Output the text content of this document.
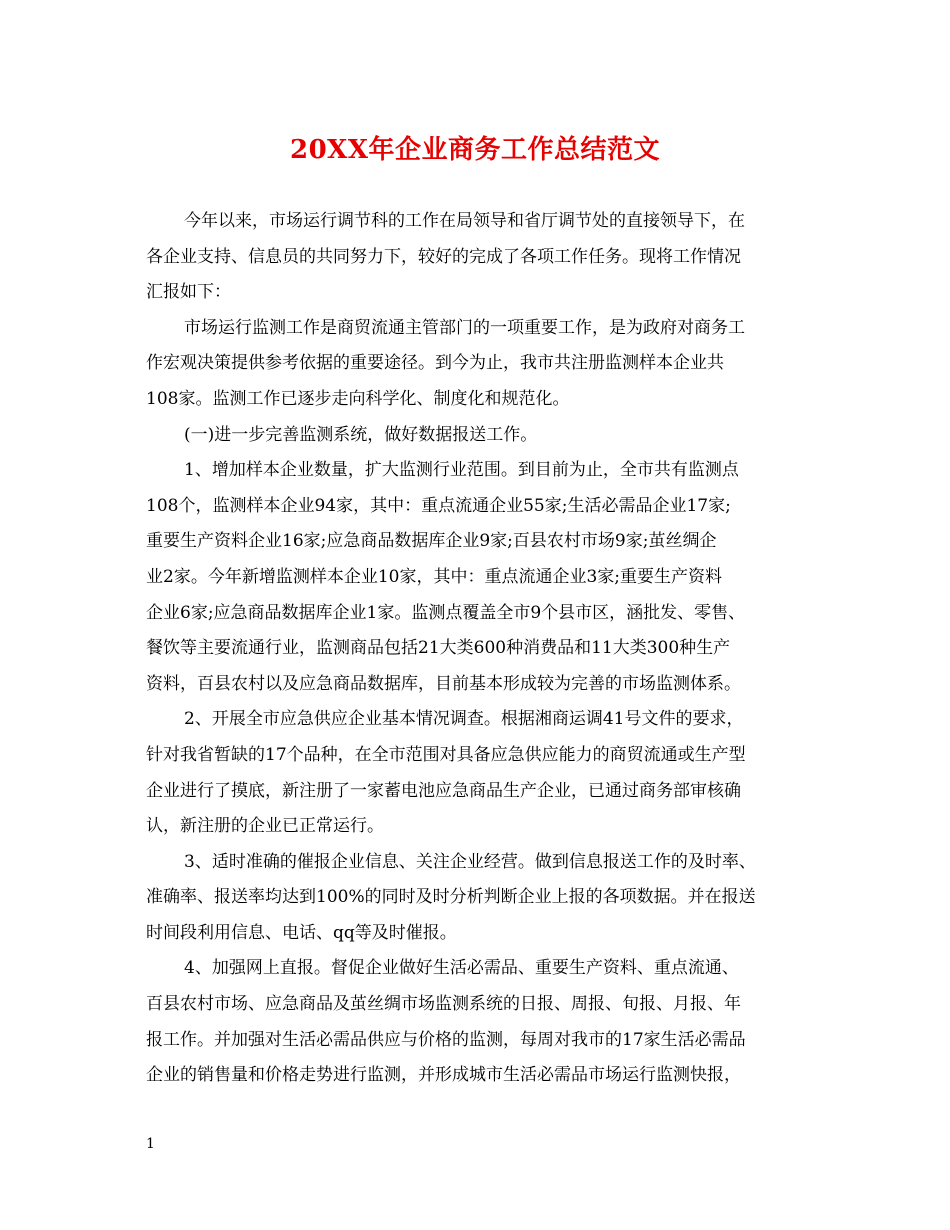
20XX年企业商务工作总结范文
今年以来，市场运行调节科的工作在局领导和省厅调节处的直接领导下，在
各企业支持、信息员的共同努力下，较好的完成了各项工作任务。现将工作情况
汇报如下：
市场运行监测工作是商贸流通主管部门的一项重要工作，是为政府对商务工
作宏观决策提供参考依据的重要途径。到今为止，我市共注册监测样本企业共
108家。监测工作已逐步走向科学化、制度化和规范化。
(一)进一步完善监测系统，做好数据报送工作。
1、增加样本企业数量，扩大监测行业范围。到目前为止，全市共有监测点
108个，监测样本企业94家，其中：重点流通企业55家;生活必需品企业17家;
重要生产资料企业16家;应急商品数据库企业9家;百县农村市场9家;茧丝绸企
业2家。今年新增监测样本企业10家，其中：重点流通企业3家;重要生产资料
企业6家;应急商品数据库企业1家。监测点覆盖全市9个县市区，涵批发、零售、
餐饮等主要流通行业，监测商品包括21大类600种消费品和11大类300种生产
资料，百县农村以及应急商品数据库，目前基本形成较为完善的市场监测体系。
2、开展全市应急供应企业基本情况调查。根据湘商运调41号文件的要求，
针对我省暂缺的17个品种，在全市范围对具备应急供应能力的商贸流通或生产型
企业进行了摸底，新注册了一家蓄电池应急商品生产企业，已通过商务部审核确
认，新注册的企业已正常运行。
3、适时准确的催报企业信息、关注企业经营。做到信息报送工作的及时率、
准确率、报送率均达到100%的同时及时分析判断企业上报的各项数据。并在报送
时间段利用信息、电话、qq等及时催报。
4、加强网上直报。督促企业做好生活必需品、重要生产资料、重点流通、
百县农村市场、应急商品及茧丝绸市场监测系统的日报、周报、旬报、月报、年
报工作。并加强对生活必需品供应与价格的监测，每周对我市的17家生活必需品
企业的销售量和价格走势进行监测，并形成城市生活必需品市场运行监测快报，
1
